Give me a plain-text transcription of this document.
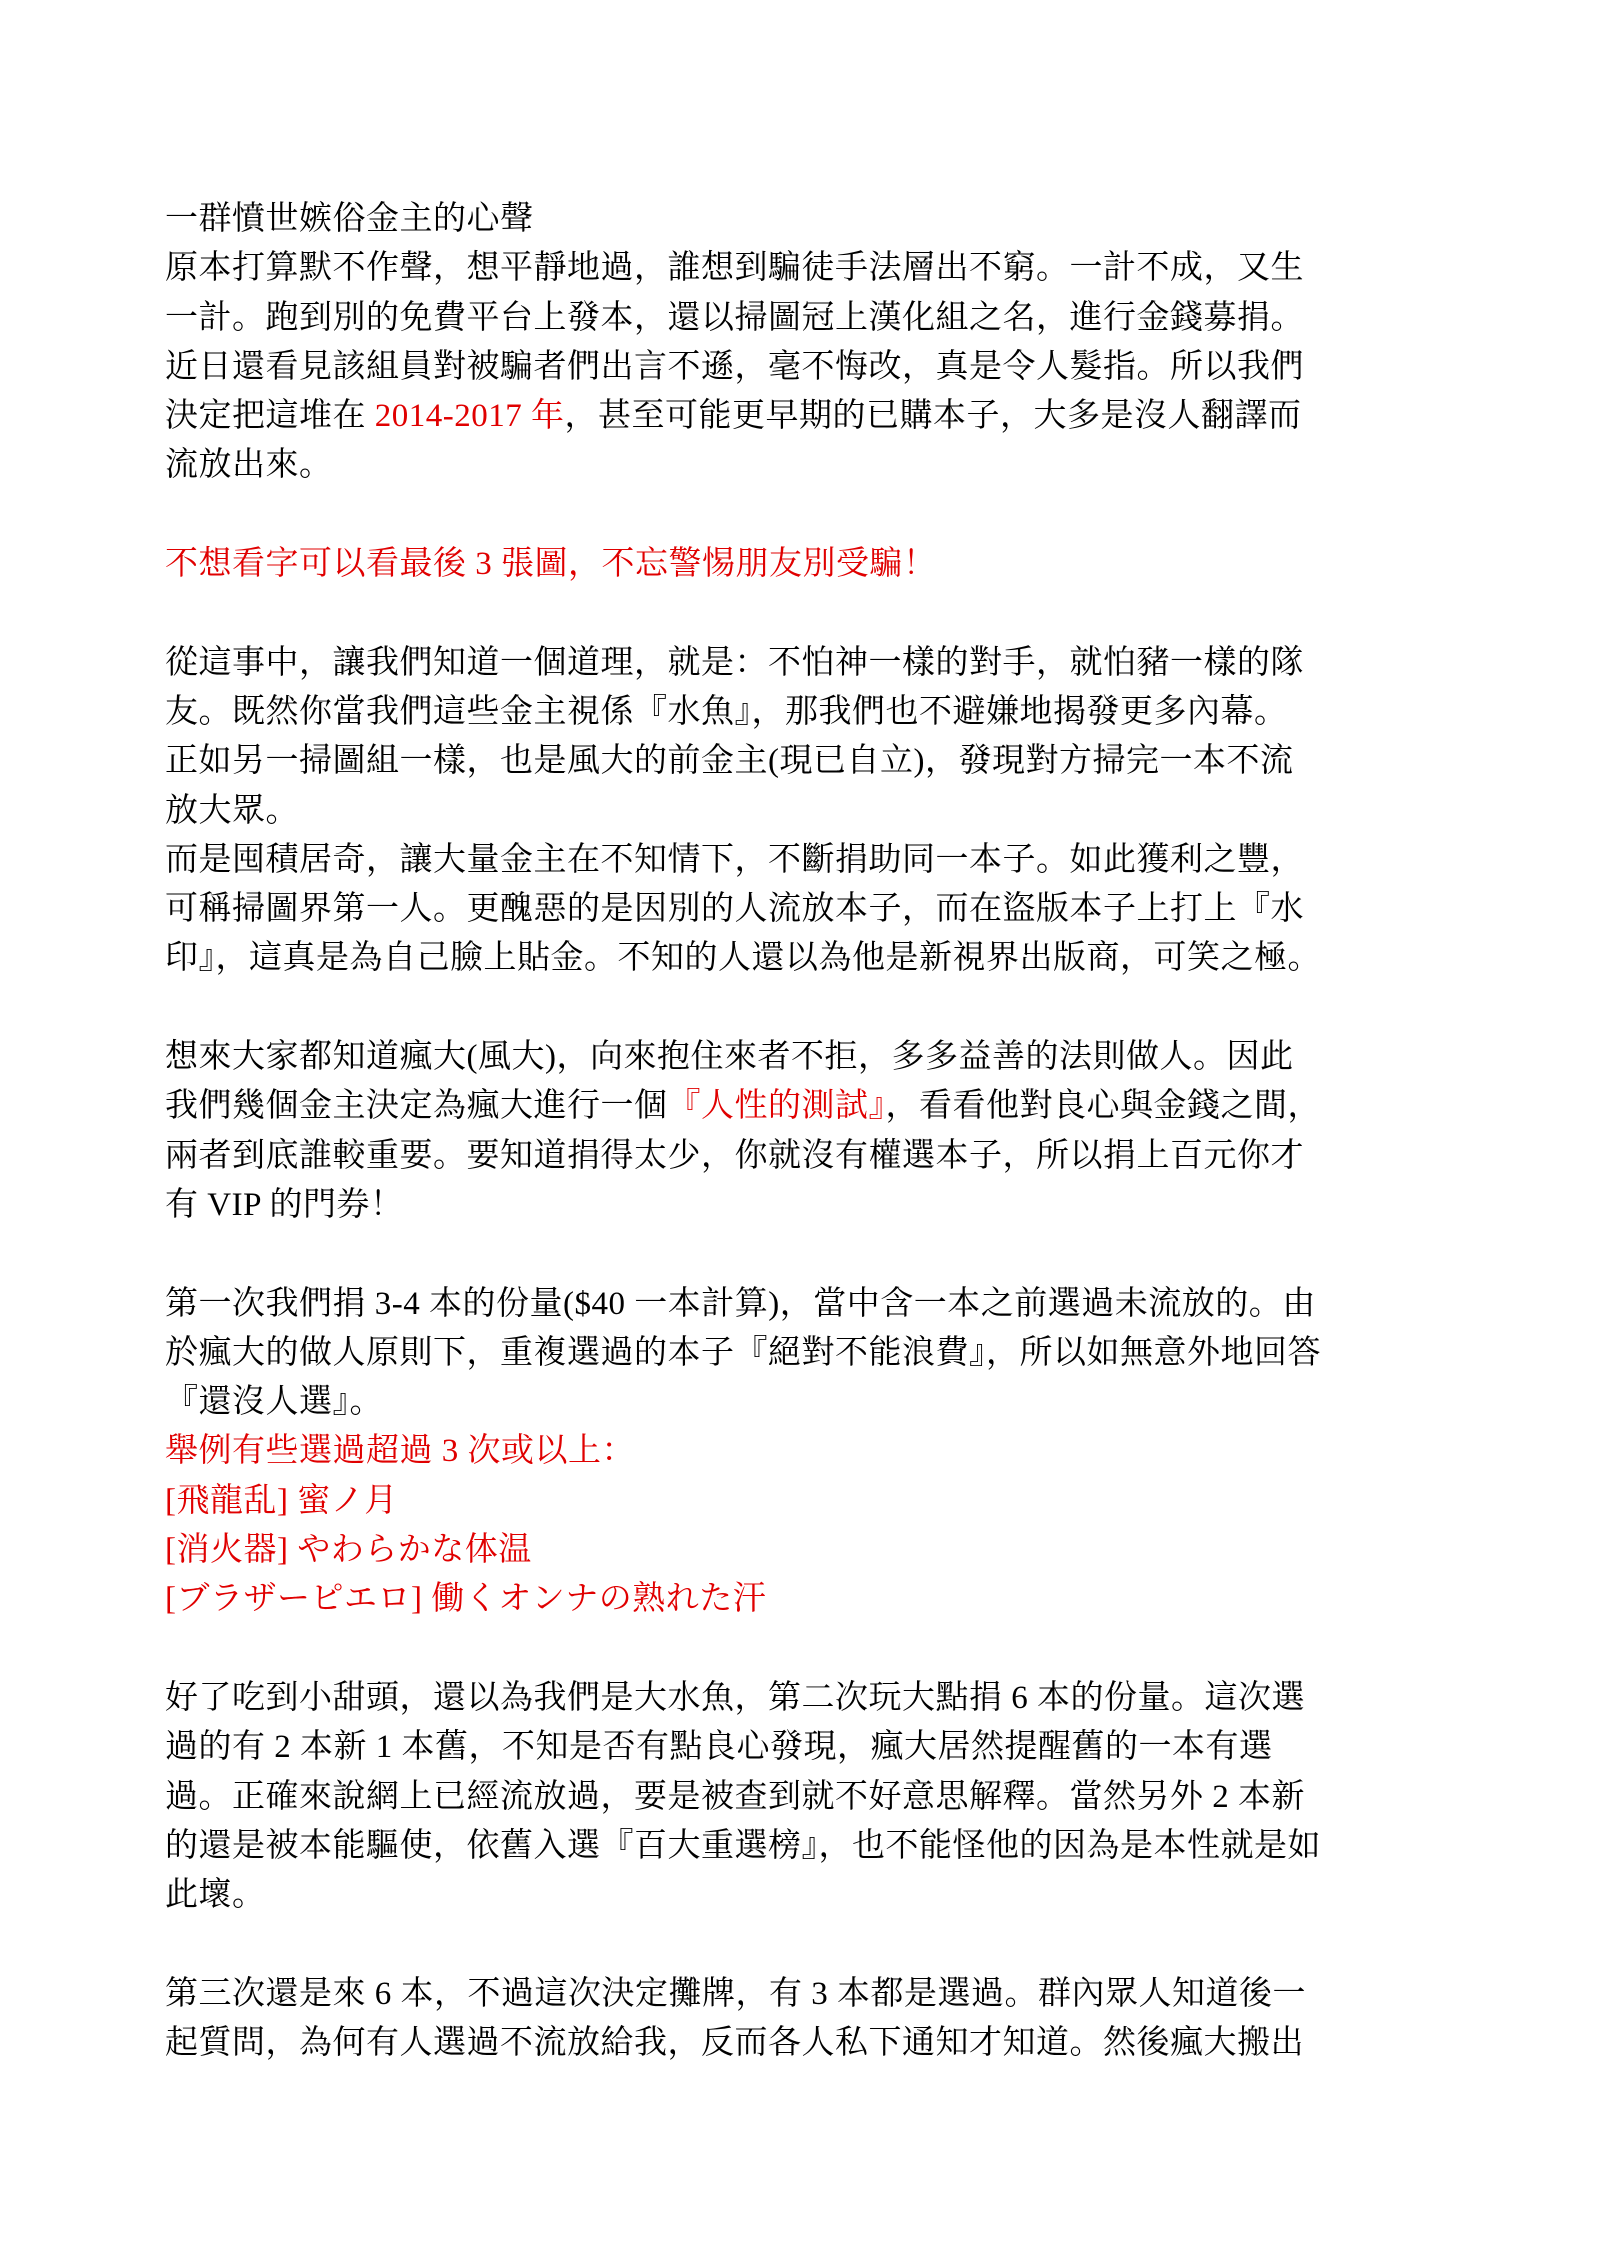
一群憤世嫉俗金主的心聲
原本打算默不作聲，想平靜地過，誰想到騙徒手法層出不窮。一計不成，又生
一計。跑到別的免費平台上發本，還以掃圖冠上漢化組之名，進行金錢募捐。
近日還看見該組員對被騙者們出言不遜，毫不悔改，真是令人髮指。所以我們
決定把這堆在 2014-2017 年，甚至可能更早期的已購本子，大多是沒人翻譯而
流放出來。
不想看字可以看最後 3 張圖，不忘警惕朋友別受騙！
從這事中，讓我們知道一個道理，就是：不怕神一樣的對手，就怕豬一樣的隊
友。既然你當我們這些金主視係『水魚』，那我們也不避嫌地揭發更多內幕。
正如另一掃圖組一樣，也是風大的前金主(現已自立)，發現對方掃完一本不流
放大眾。
而是囤積居奇，讓大量金主在不知情下，不斷捐助同一本子。如此獲利之豐，
可稱掃圖界第一人。更醜惡的是因別的人流放本子，而在盜版本子上打上『水
印』，這真是為自己臉上貼金。不知的人還以為他是新視界出版商，可笑之極。
想來大家都知道瘋大(風大)，向來抱住來者不拒，多多益善的法則做人。因此
我們幾個金主決定為瘋大進行一個『人性的測試』，看看他對良心與金錢之間，
兩者到底誰較重要。要知道捐得太少，你就沒有權選本子，所以捐上百元你才
有 VIP 的門券！
第一次我們捐 3-4 本的份量($40 一本計算)，當中含一本之前選過未流放的。由
於瘋大的做人原則下，重複選過的本子『絕對不能浪費』，所以如無意外地回答
『還沒人選』。
舉例有些選過超過 3 次或以上：
[飛龍乱] 蜜ノ月
[消火器] やわらかな体温
[ブラザーピエロ] 働くオンナの熟れた汗
好了吃到小甜頭，還以為我們是大水魚，第二次玩大點捐 6 本的份量。這次選
過的有 2 本新 1 本舊，不知是否有點良心發現，瘋大居然提醒舊的一本有選
過。正確來說網上已經流放過，要是被查到就不好意思解釋。當然另外 2 本新
的還是被本能驅使，依舊入選『百大重選榜』，也不能怪他的因為是本性就是如
此壞。
第三次還是來 6 本，不過這次決定攤牌，有 3 本都是選過。群內眾人知道後一
起質問，為何有人選過不流放給我，反而各人私下通知才知道。然後瘋大搬出
